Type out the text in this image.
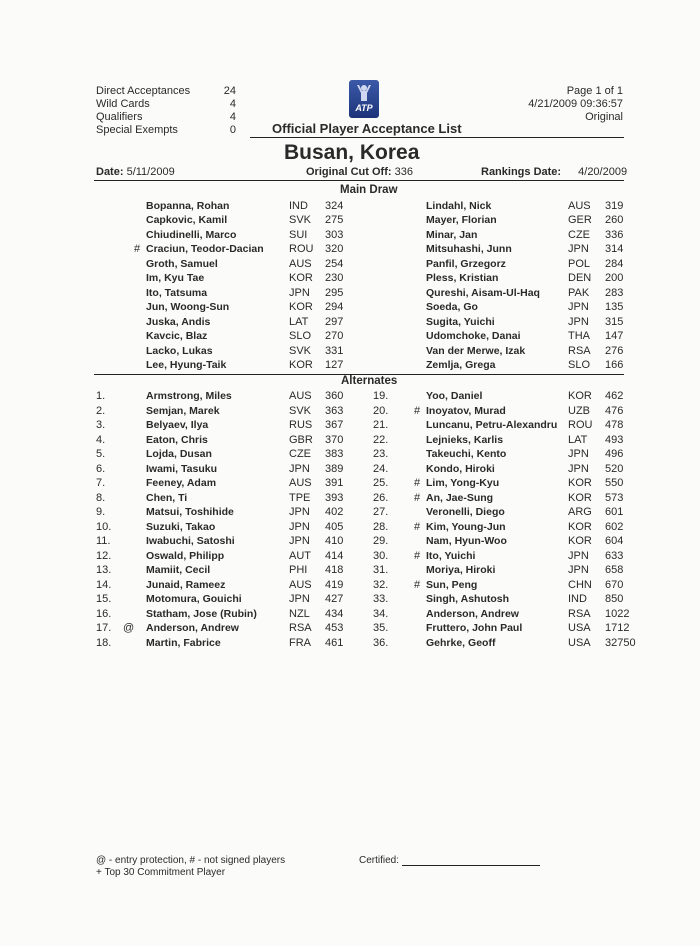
Direct Acceptances	24
Wild Cards	4
Qualifiers	4
Special Exempts	0
ATP
Page 1 of 1
4/21/2009 09:36:57
Original
Official Player Acceptance List
Busan, Korea
Date: 5/11/2009	Original Cut Off: 336	Rankings Date: 4/20/2009
Main Draw
Bopanna, Rohan	IND 324
Capkovic, Kamil	SVK 275
Chiudinelli, Marco	SUI 303
# Craciun, Teodor-Dacian ROU 320
Groth, Samuel	AUS 254
Im, Kyu Tae	KOR 230
Ito, Tatsuma	JPN 295
Jun, Woong-Sun	KOR 294
Juska, Andis	LAT 297
Kavcic, Blaz	SLO 270
Lacko, Lukas	SVK 331
Lee, Hyung-Taik	KOR 127
Lindahl, Nick	AUS 319
Mayer, Florian	GER 260
Minar, Jan	CZE 336
Mitsuhashi, Junn	JPN 314
Panfil, Grzegorz	POL 284
Pless, Kristian	DEN 200
Qureshi, Aisam-Ul-Haq	PAK 283
Soeda, Go	JPN 135
Sugita, Yuichi	JPN 315
Udomchoke, Danai	THA 147
Van der Merwe, Izak	RSA 276
Zemlja, Grega	SLO 166
Alternates
1.	Armstrong, Miles	AUS 360
2.	Semjan, Marek	SVK 363
3.	Belyaev, Ilya	RUS 367
4.	Eaton, Chris	GBR 370
5.	Lojda, Dusan	CZE 383
6.	Iwami, Tasuku	JPN 389
7.	Feeney, Adam	AUS 391
8.	Chen, Ti	TPE 393
9.	Matsui, Toshihide	JPN 402
10.	Suzuki, Takao	JPN 405
11.	Iwabuchi, Satoshi	JPN 410
12.	Oswald, Philipp	AUT 414
13.	Mamiit, Cecil	PHI 418
14.	Junaid, Rameez	AUS 419
15.	Motomura, Gouichi	JPN 427
16.	Statham, Jose (Rubin)	NZL 434
17. @ Anderson, Andrew	RSA 453
18.	Martin, Fabrice	FRA 461
19.	Yoo, Daniel	KOR 462
20. # Inoyatov, Murad	UZB 476
21.	Luncanu, Petru-Alexandru ROU 478
22.	Lejnieks, Karlis	LAT 493
23.	Takeuchi, Kento	JPN 496
24.	Kondo, Hiroki	JPN 520
25. # Lim, Yong-Kyu	KOR 550
26. # An, Jae-Sung	KOR 573
27.	Veronelli, Diego	ARG 601
28. # Kim, Young-Jun	KOR 602
29.	Nam, Hyun-Woo	KOR 604
30. # Ito, Yuichi	JPN 633
31.	Moriya, Hiroki	JPN 658
32. # Sun, Peng	CHN 670
33.	Singh, Ashutosh	IND 850
34.	Anderson, Andrew	RSA 1022
35.	Fruttero, John Paul	USA 1712
36.	Gehrke, Geoff	USA 32750
@ - entry protection, # - not signed players
+ Top 30 Commitment Player
Certified:
